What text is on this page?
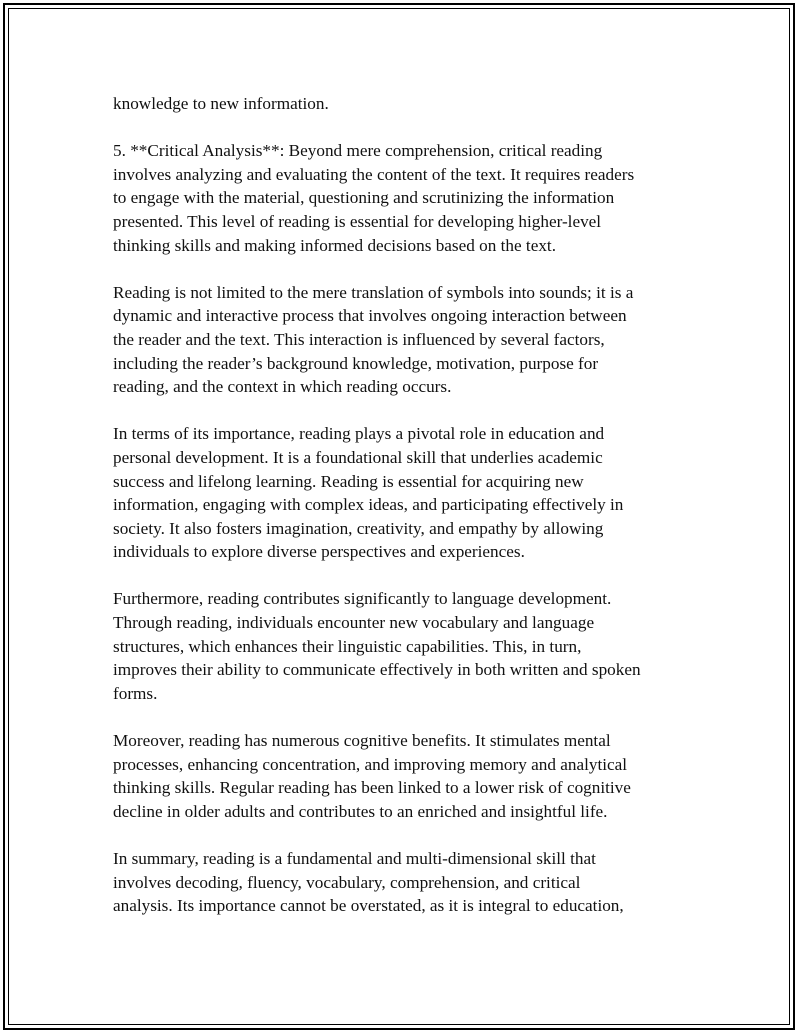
knowledge to new information.

5. **Critical Analysis**: Beyond mere comprehension, critical reading
involves analyzing and evaluating the content of the text. It requires readers
to engage with the material, questioning and scrutinizing the information
presented. This level of reading is essential for developing higher-level
thinking skills and making informed decisions based on the text.

Reading is not limited to the mere translation of symbols into sounds; it is a
dynamic and interactive process that involves ongoing interaction between
the reader and the text. This interaction is influenced by several factors,
including the reader’s background knowledge, motivation, purpose for
reading, and the context in which reading occurs.

In terms of its importance, reading plays a pivotal role in education and
personal development. It is a foundational skill that underlies academic
success and lifelong learning. Reading is essential for acquiring new
information, engaging with complex ideas, and participating effectively in
society. It also fosters imagination, creativity, and empathy by allowing
individuals to explore diverse perspectives and experiences.

Furthermore, reading contributes significantly to language development.
Through reading, individuals encounter new vocabulary and language
structures, which enhances their linguistic capabilities. This, in turn,
improves their ability to communicate effectively in both written and spoken
forms.

Moreover, reading has numerous cognitive benefits. It stimulates mental
processes, enhancing concentration, and improving memory and analytical
thinking skills. Regular reading has been linked to a lower risk of cognitive
decline in older adults and contributes to an enriched and insightful life.

In summary, reading is a fundamental and multi-dimensional skill that
involves decoding, fluency, vocabulary, comprehension, and critical
analysis. Its importance cannot be overstated, as it is integral to education,
